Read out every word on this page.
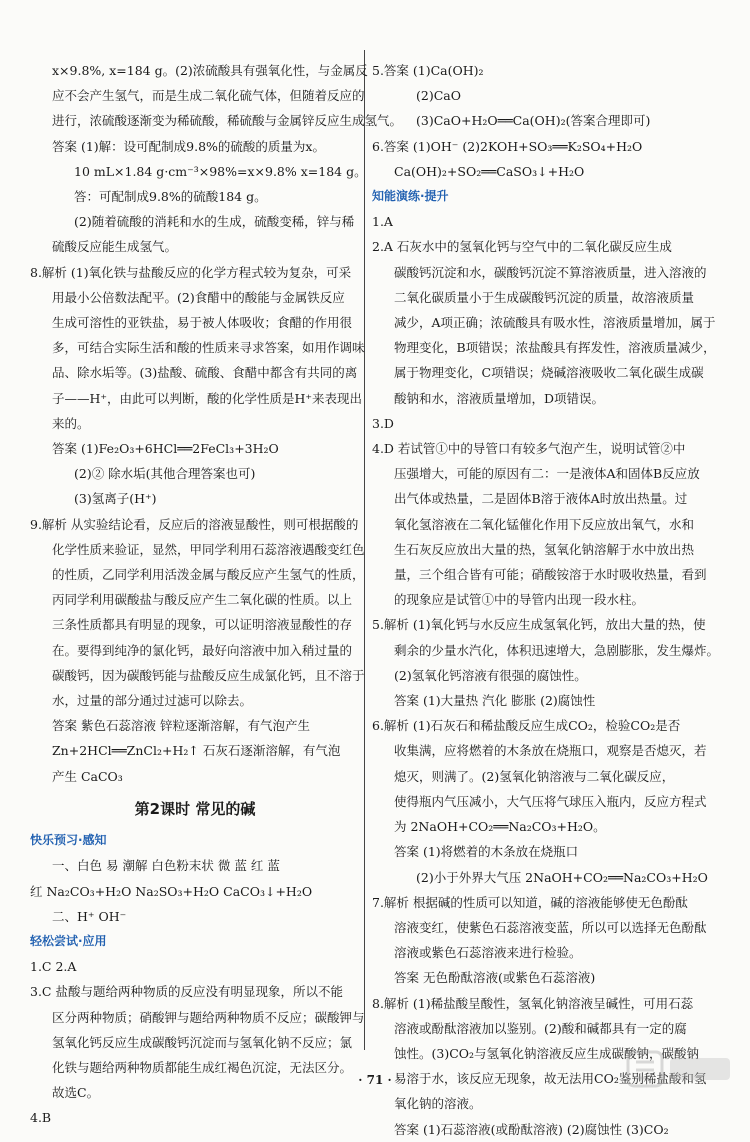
x×9.8%, x=184 g。(2)浓硫酸具有强氧化性，与金属反
应不会产生氢气，而是生成二氧化硫气体，但随着反应的
进行，浓硫酸逐渐变为稀硫酸，稀硫酸与金属锌反应生成氢气。
答案 (1)解：设可配制成9.8%的硫酸的质量为x。
10 mL×1.84 g·cm⁻³×98%=x×9.8% x=184 g。
答：可配制成9.8%的硫酸184 g。
(2)随着硫酸的消耗和水的生成，硫酸变稀，锌与稀
硫酸反应能生成氢气。
8.解析 (1)氧化铁与盐酸反应的化学方程式较为复杂，可采
用最小公倍数法配平。(2)食醋中的酸能与金属铁反应
生成可溶性的亚铁盐，易于被人体吸收；食醋的作用很
多，可结合实际生活和酸的性质来寻求答案，如用作调味
品、除水垢等。(3)盐酸、硫酸、食醋中都含有共同的离
子——H⁺，由此可以判断，酸的化学性质是H⁺来表现出
来的。
答案 (1)Fe₂O₃+6HCl══2FeCl₃+3H₂O
(2)② 除水垢(其他合理答案也可)
(3)氢离子(H⁺)
9.解析 从实验结论看，反应后的溶液显酸性，则可根据酸的
化学性质来验证，显然，甲同学利用石蕊溶液遇酸变红色
的性质，乙同学利用活泼金属与酸反应产生氢气的性质，
丙同学利用碳酸盐与酸反应产生二氧化碳的性质。以上
三条性质都具有明显的现象，可以证明溶液显酸性的存
在。要得到纯净的氯化钙，最好向溶液中加入稍过量的
碳酸钙，因为碳酸钙能与盐酸反应生成氯化钙，且不溶于
水，过量的部分通过过滤可以除去。
答案 紫色石蕊溶液 锌粒逐渐溶解，有气泡产生
Zn+2HCl══ZnCl₂+H₂↑ 石灰石逐渐溶解，有气泡
产生 CaCO₃
第2课时 常见的碱
快乐预习·感知
一、白色 易 潮解 白色粉末状 微 蓝 红 蓝
红 Na₂CO₃+H₂O Na₂SO₃+H₂O CaCO₃↓+H₂O
二、H⁺ OH⁻
轻松尝试·应用
1.C 2.A
3.C 盐酸与题给两种物质的反应没有明显现象，所以不能
区分两种物质；硝酸钾与题给两种物质不反应；碳酸钾与
氢氧化钙反应生成碳酸钙沉淀而与氢氧化钠不反应；氯
化铁与题给两种物质都能生成红褐色沉淀，无法区分。
故选C。
4.B
5.答案 (1)Ca(OH)₂
(2)CaO
(3)CaO+H₂O══Ca(OH)₂(答案合理即可)
6.答案 (1)OH⁻ (2)2KOH+SO₃══K₂SO₄+H₂O
Ca(OH)₂+SO₂══CaSO₃↓+H₂O
知能演练·提升
1.A
2.A 石灰水中的氢氧化钙与空气中的二氧化碳反应生成
碳酸钙沉淀和水，碳酸钙沉淀不算溶液质量，进入溶液的
二氧化碳质量小于生成碳酸钙沉淀的质量，故溶液质量
减少，A项正确；浓硫酸具有吸水性，溶液质量增加，属于
物理变化，B项错误；浓盐酸具有挥发性，溶液质量减少，
属于物理变化，C项错误；烧碱溶液吸收二氧化碳生成碳
酸钠和水，溶液质量增加，D项错误。
3.D
4.D 若试管①中的导管口有较多气泡产生，说明试管②中
压强增大，可能的原因有二：一是液体A和固体B反应放
出气体或热量，二是固体B溶于液体A时放出热量。过
氧化氢溶液在二氧化锰催化作用下反应放出氧气，水和
生石灰反应放出大量的热，氢氧化钠溶解于水中放出热
量，三个组合皆有可能；硝酸铵溶于水时吸收热量，看到
的现象应是试管①中的导管内出现一段水柱。
5.解析 (1)氧化钙与水反应生成氢氧化钙，放出大量的热，使
剩余的少量水汽化，体积迅速增大，急剧膨胀，发生爆炸。
(2)氢氧化钙溶液有很强的腐蚀性。
答案 (1)大量热 汽化 膨胀 (2)腐蚀性
6.解析 (1)石灰石和稀盐酸反应生成CO₂，检验CO₂是否
收集满，应将燃着的木条放在烧瓶口，观察是否熄灭，若
熄灭，则满了。(2)氢氧化钠溶液与二氧化碳反应，
使得瓶内气压减小，大气压将气球压入瓶内，反应方程式
为 2NaOH+CO₂══Na₂CO₃+H₂O。
答案 (1)将燃着的木条放在烧瓶口
(2)小于外界大气压 2NaOH+CO₂══Na₂CO₃+H₂O
7.解析 根据碱的性质可以知道，碱的溶液能够使无色酚酞
溶液变红，使紫色石蕊溶液变蓝，所以可以选择无色酚酞
溶液或紫色石蕊溶液来进行检验。
答案 无色酚酞溶液(或紫色石蕊溶液)
8.解析 (1)稀盐酸呈酸性，氢氧化钠溶液呈碱性，可用石蕊
溶液或酚酞溶液加以鉴别。(2)酸和碱都具有一定的腐
蚀性。(3)CO₂与氢氧化钠溶液反应生成碳酸钠，碳酸钠
易溶于水，该反应无现象，故无法用CO₂鉴别稀盐酸和氢
氧化钠的溶液。
答案 (1)石蕊溶液(或酚酞溶液) (2)腐蚀性 (3)CO₂
· 71 ·
